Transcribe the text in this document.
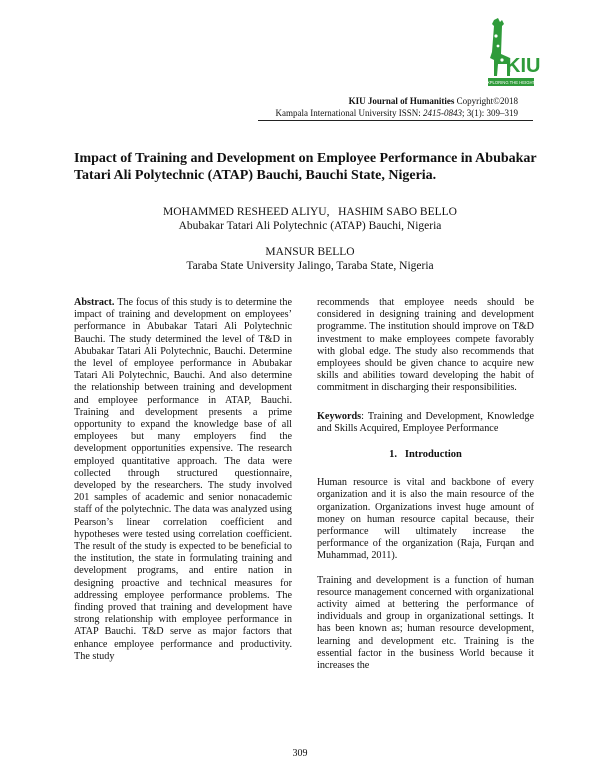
KIU
EXPLORING THE HEIGHTS
KIU Journal of Humanities Copyright©2018
Kampala International University ISSN: 2415-0843; 3(1): 309–319
Impact of Training and Development on Employee Performance in Abubakar Tatari Ali Polytechnic (ATAP) Bauchi, Bauchi State, Nigeria.
MOHAMMED RESHEED ALIYU,   HASHIM SABO BELLO
Abubakar Tatari Ali Polytechnic (ATAP) Bauchi, Nigeria
MANSUR BELLO
Taraba State University Jalingo, Taraba State, Nigeria

Abstract. The focus of this study is to determine the impact of training and development on employees’ performance in Abubakar Tatari Ali Polytechnic Bauchi. The study determined the level of T&D in Abubakar Tatari Ali Polytechnic, Bauchi. Determine the level of employee performance in Abubakar Tatari Ali Polytechnic, Bauchi. And also determine the relationship between training and development and employee performance in ATAP, Bauchi. Training and development presents a prime opportunity to expand the knowledge base of all employees but many employers find the development opportunities expensive. The research employed quantitative approach. The data were collected through structured questionnaire, developed by the researchers. The study involved 201 samples of academic and senior nonacademic staff of the polytechnic. The data was analyzed using Pearson’s linear correlation coefficient and hypotheses were tested using correlation coefficient. The result of the study is expected to be beneficial to the institution, the state in formulating training and development programs, and entire nation in designing proactive and technical measures for addressing employee performance problems. The finding proved that training and development have strong relationship with employee performance in ATAP Bauchi. T&D serve as major factors that enhance employee performance and productivity. The study

recommends that employee needs should be considered in designing training and development programme. The institution should improve on T&D investment to make employees compete favorably with global edge. The study also recommends that employees should be given chance to acquire new skills and abilities toward developing the habit of commitment in discharging their responsibilities.

Keywords: Training and Development, Knowledge and Skills Acquired, Employee Performance

1.   Introduction

Human resource is vital and backbone of every organization and it is also the main resource of the organization. Organizations invest huge amount of money on human resource capital because, their performance will ultimately increase the performance of the organization (Raja, Furqan and Muhammad, 2011).

Training and development is a function of human resource management concerned with organizational activity aimed at bettering the performance of individuals and group in organizational settings. It has been known as; human resource development, learning and development etc. Training is the essential factor in the business World because it increases the

309
